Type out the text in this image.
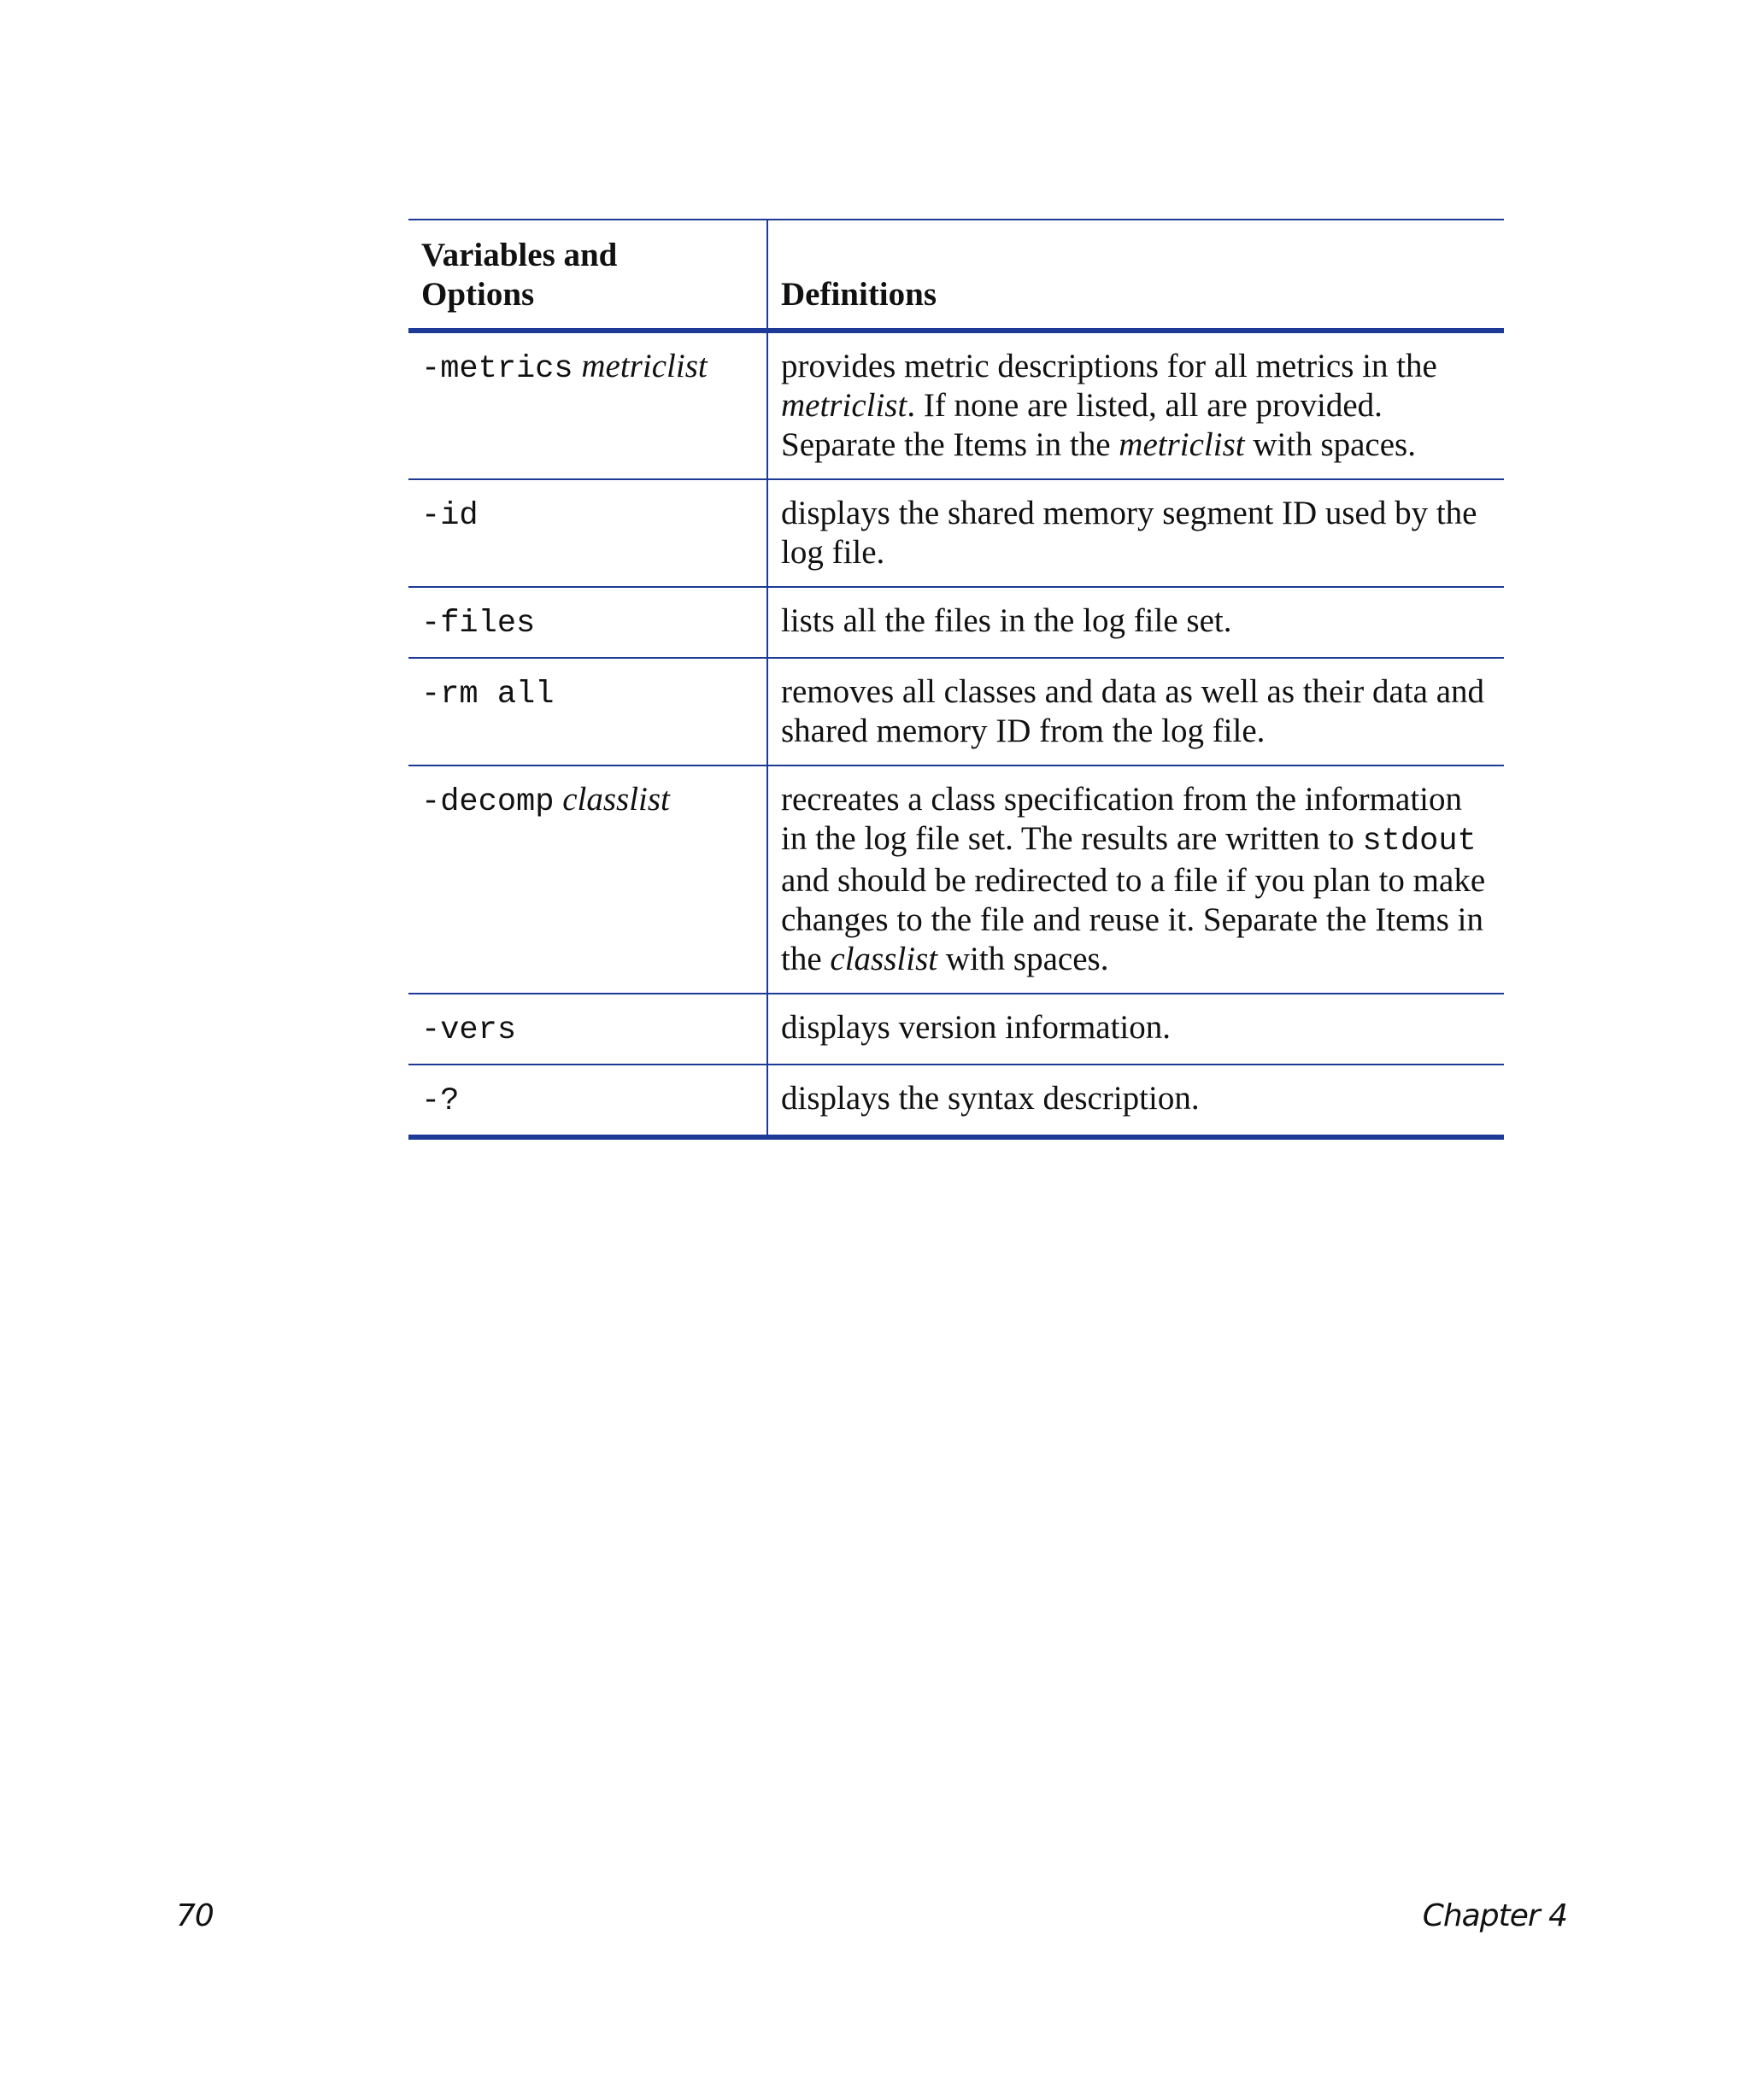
Variables and
Options	Definitions
-metrics metriclist	provides metric descriptions for all metrics in the metriclist. If none are listed, all are provided. Separate the Items in the metriclist with spaces.
-id	displays the shared memory segment ID used by the log file.
-files	lists all the files in the log file set.
-rm all	removes all classes and data as well as their data and shared memory ID from the log file.
-decomp classlist	recreates a class specification from the information in the log file set. The results are written to stdout and should be redirected to a file if you plan to make changes to the file and reuse it. Separate the Items in the classlist with spaces.
-vers	displays version information.
-?	displays the syntax description.
70	Chapter 4
